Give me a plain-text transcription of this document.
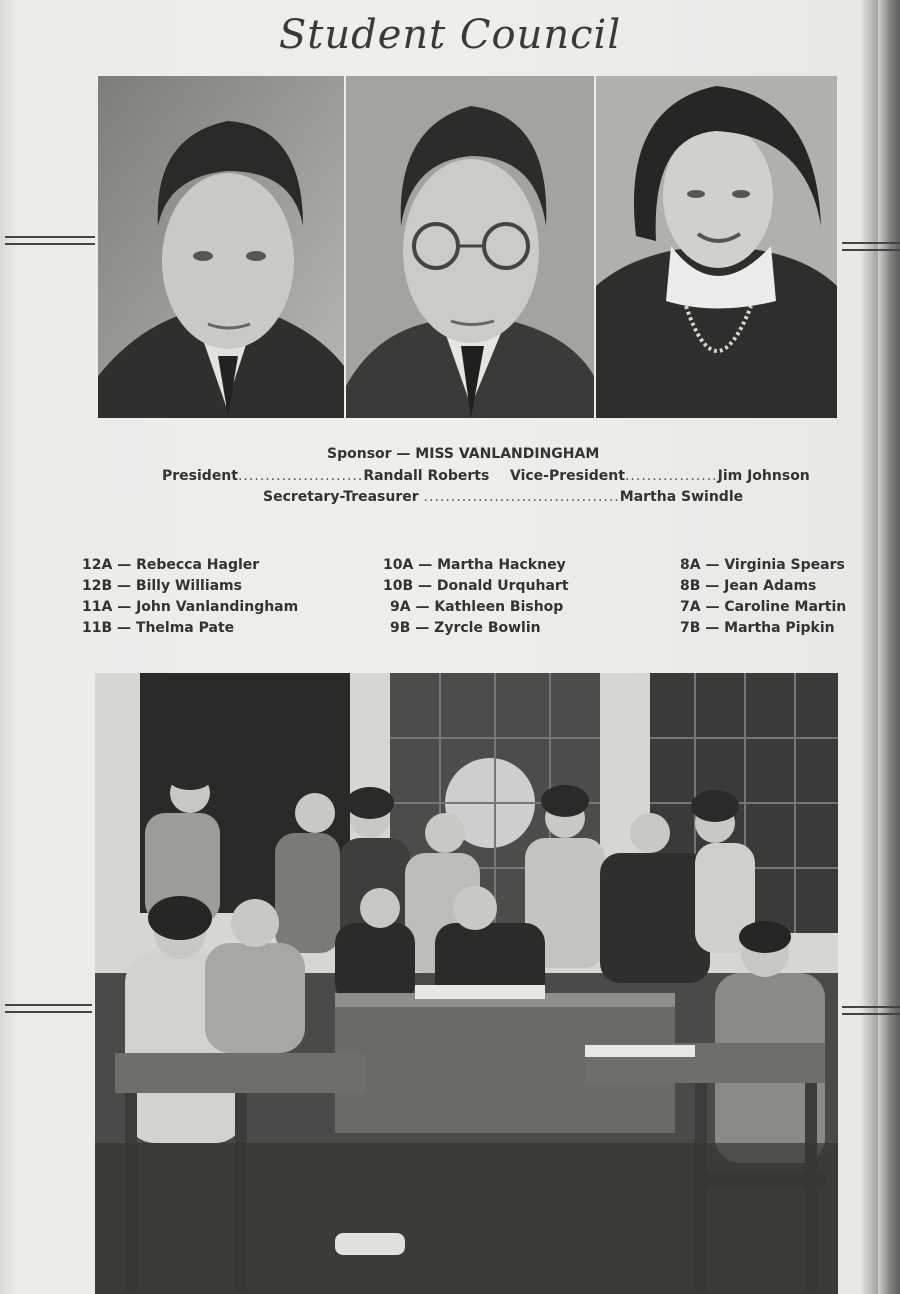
Student Council
Sponsor — MISS VANLANDINGHAM
President.......................Randall Roberts Vice-President.................Jim Johnson
Secretary-Treasurer ....................................Martha Swindle
12A — Rebecca Hagler
12B — Billy Williams
11A — John Vanlandingham
11B — Thelma Pate
10A — Martha Hackney
10B — Donald Urquhart
9A — Kathleen Bishop
9B — Zyrcle Bowlin
8A — Virginia Spears
8B — Jean Adams
7A — Caroline Martin
7B — Martha Pipkin
